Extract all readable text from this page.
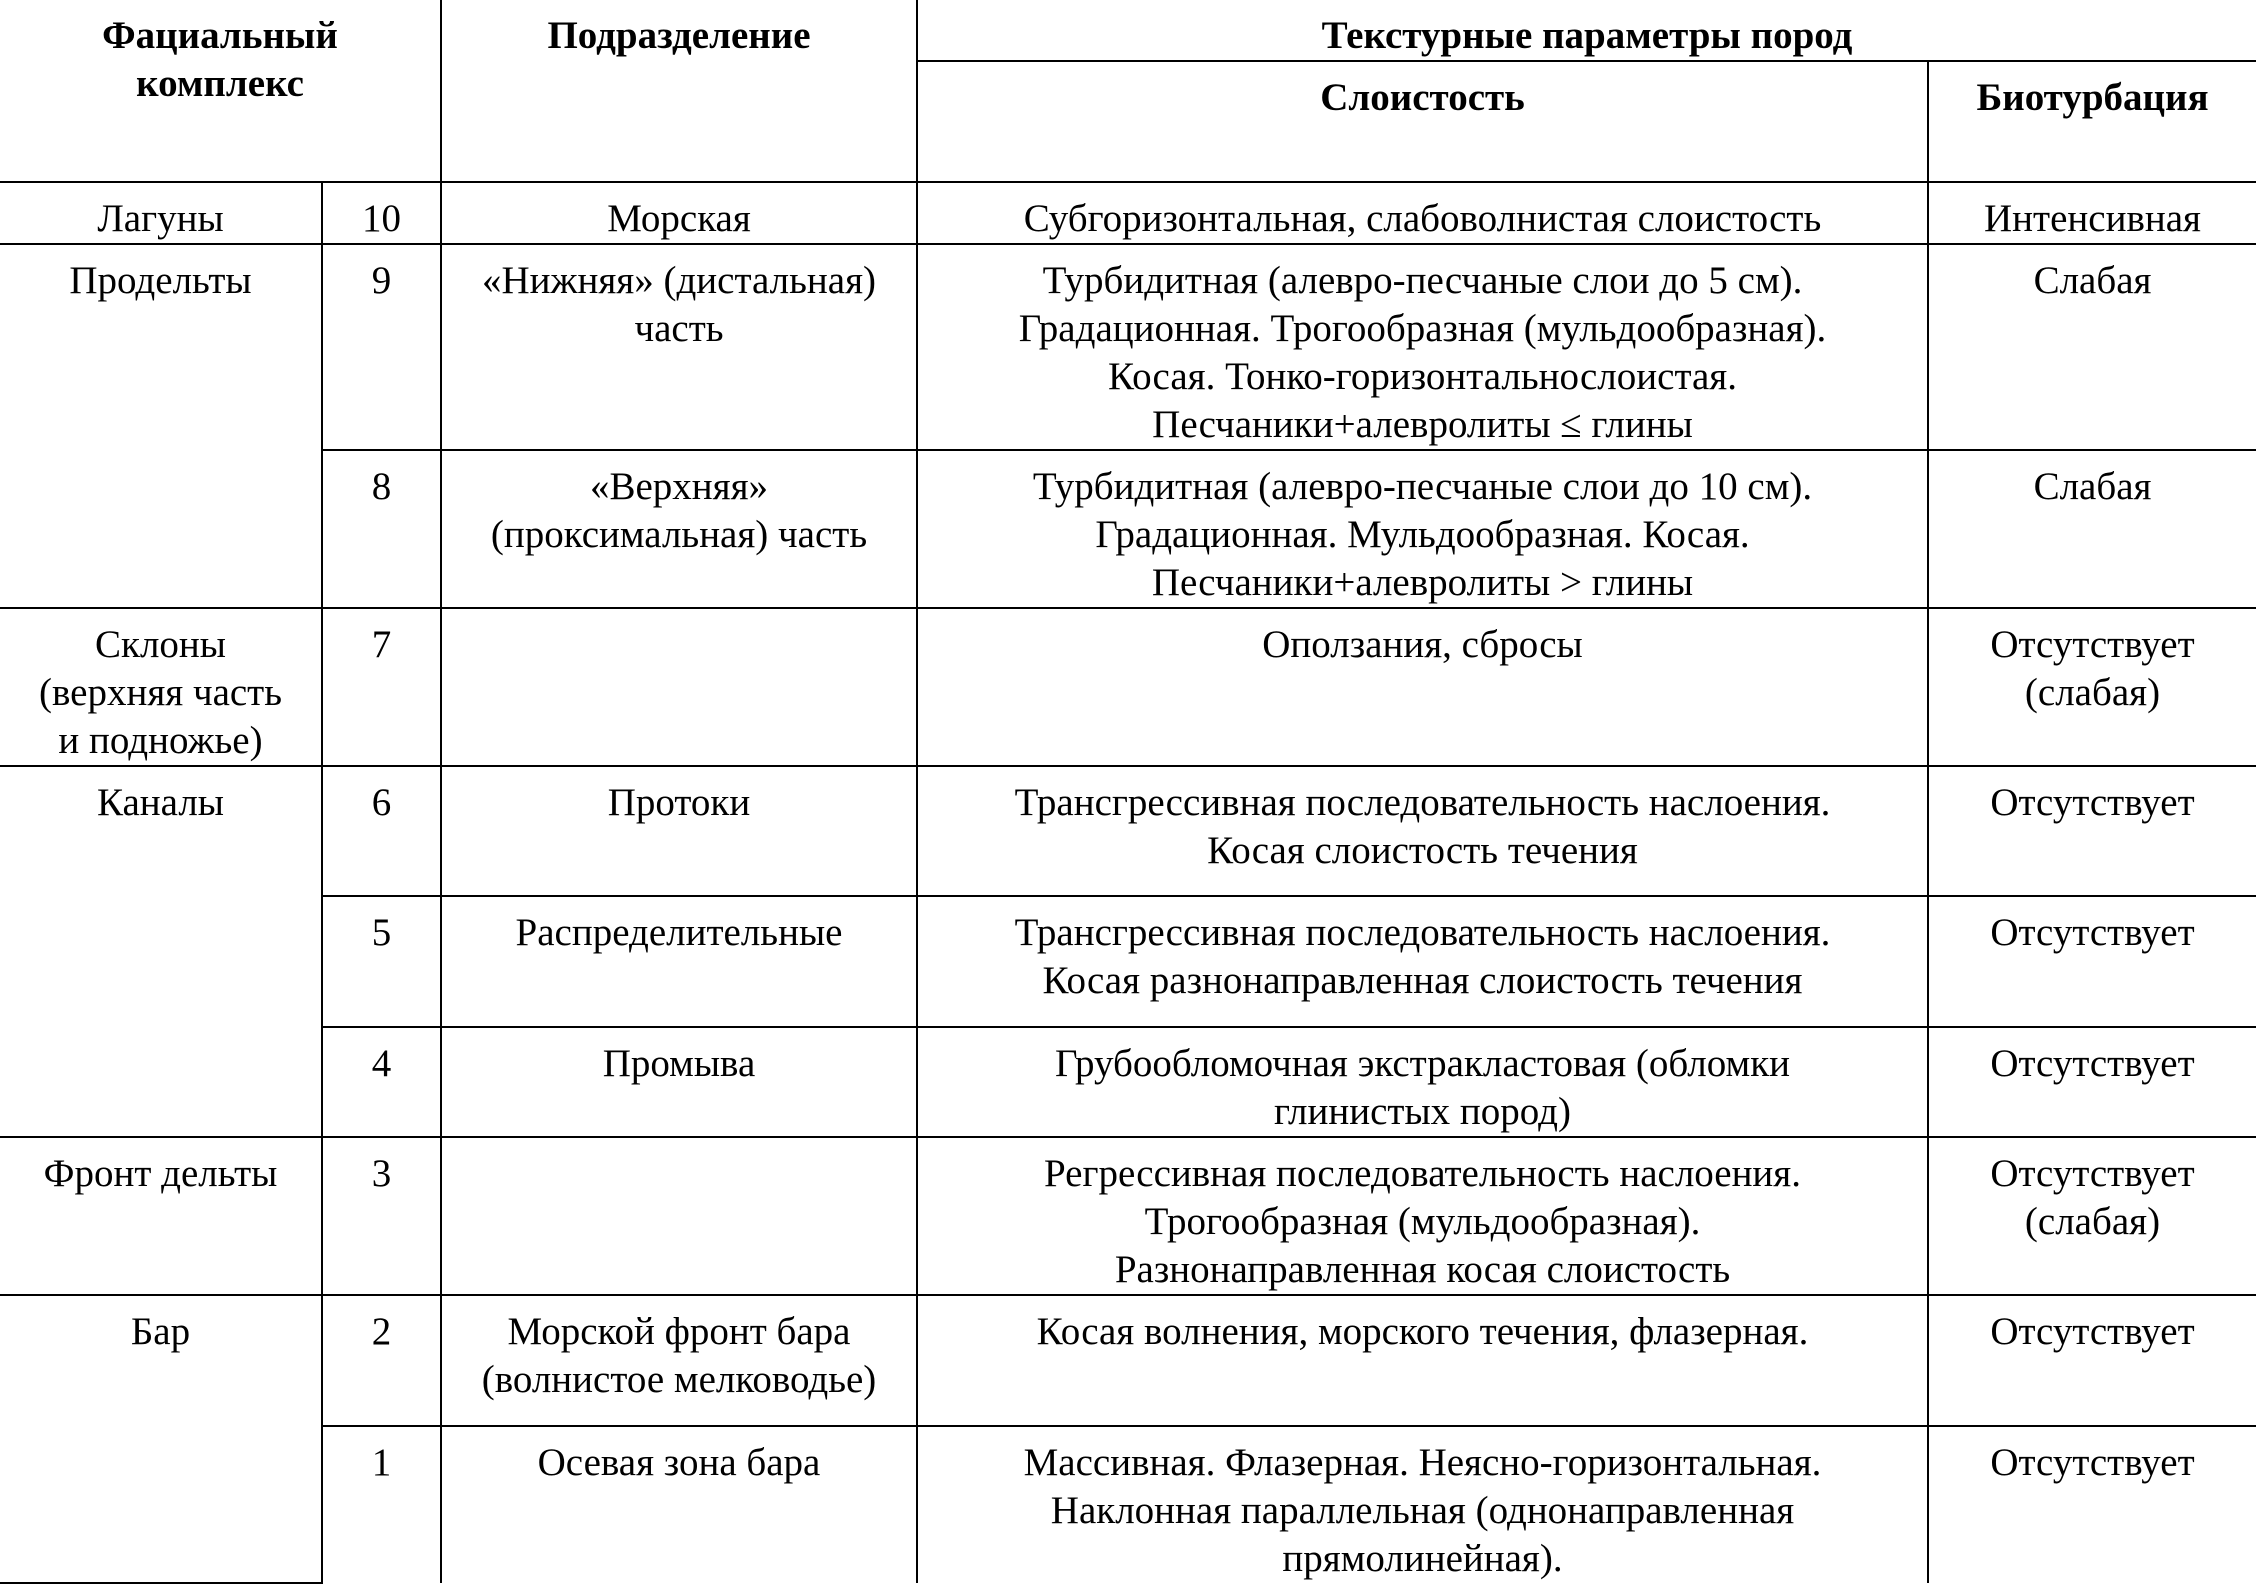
Фациальный
комплекс		Подразделение	Текстурные параметры пород	

			Слоистость	Биотурбация

Лагуны	10	Морская	Субгоризонтальная, слабоволнистая слоистость	Интенсивная

Продельты	9	«Нижняя» (дистальная)
часть	Турбидитная (алевро-песчаные слои до 5 см).
Градационная. Трогообразная (мульдообразная).
Косая. Тонко-горизонтальнослоистая.
Песчаники+алевролиты ≤ глины	Слабая

	8	«Верхняя»
(проксимальная) часть	Турбидитная (алевро-песчаные слои до 10 см).
Градационная. Мульдообразная. Косая.
Песчаники+алевролиты > глины	Слабая

Склоны
(верхняя часть
и подножье)	7		Оползания, сбросы	Отсутствует
(слабая)

Каналы	6	Протоки	Трансгрессивная последовательность наслоения.
Косая слоистость течения	Отсутствует

	5	Распределительные	Трансгрессивная последовательность наслоения.
Косая разнонаправленная слоистость течения	Отсутствует

	4	Промыва	Грубообломочная экстракластовая (обломки
глинистых пород)	Отсутствует

Фронт дельты	3		Регрессивная последовательность наслоения.
Трогообразная (мульдообразная).
Разнонаправленная косая слоистость	Отсутствует
(слабая)

Бар	2	Морской фронт бара
(волнистое мелководье)	Косая волнения, морского течения, флазерная.	Отсутствует

	1	Осевая зона бара	Массивная. Флазерная. Неясно-горизонтальная.
Наклонная параллельная (однонаправленная
прямолинейная).	Отсутствует
